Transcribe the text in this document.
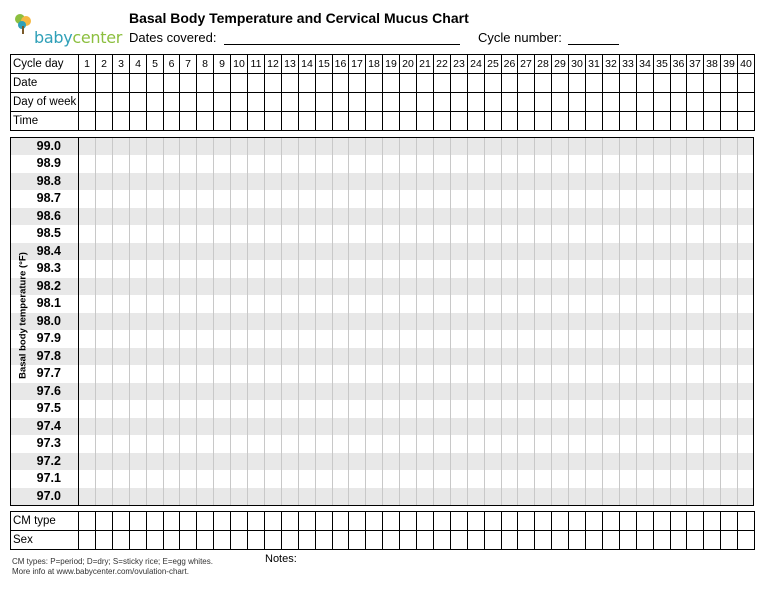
babycenter
Basal Body Temperature and Cervical Mucus Chart
Dates covered:	Cycle number:
Cycle day	1	2	3	4	5	6	7	8	9	10	11	12	13	14	15	16	17	18	19	20	21	22	23	24	25	26	27	28	29	30	31	32	33	34	35	36	37	38	39	40
Date																																								
Day of week																																								
Time																																								
Basal body temperature (°F)
99.0
98.9
98.8
98.7
98.6
98.5
98.4
98.3
98.2
98.1
98.0
97.9
97.8
97.7
97.6
97.5
97.4
97.3
97.2
97.1
97.0
CM type																																								
Sex																																								
CM types: P=period; D=dry; S=sticky rice; E=egg whites.
More info at www.babycenter.com/ovulation-chart.
Notes:
